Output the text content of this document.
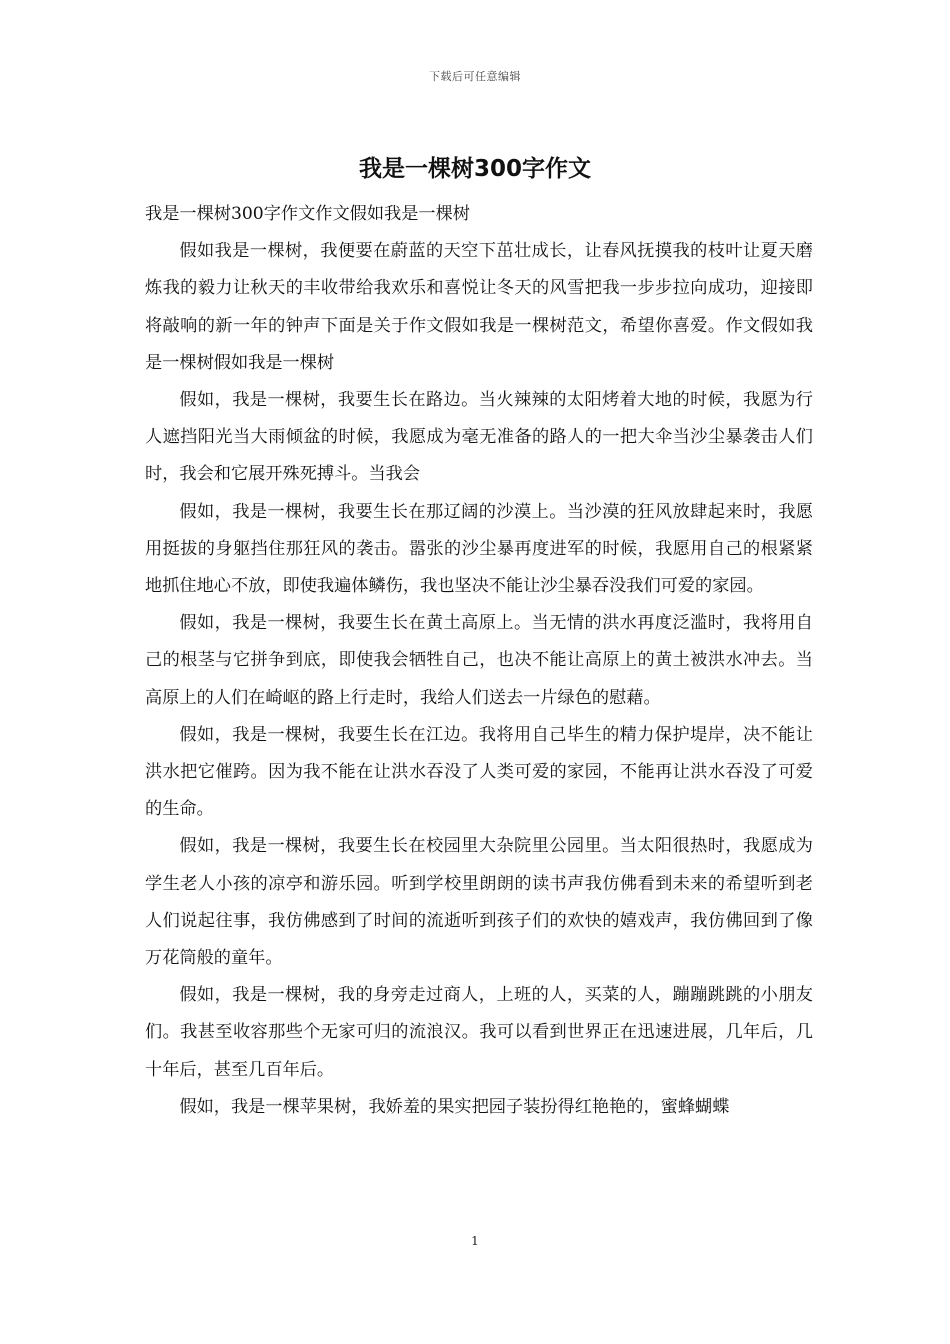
下载后可任意编辑
我是一棵树300字作文

我是一棵树300字作文作文假如我是一棵树

假如我是一棵树，我便要在蔚蓝的天空下茁壮成长，让春风抚摸我的枝叶让夏天磨炼我的毅力让秋天的丰收带给我欢乐和喜悦让冬天的风雪把我一步步拉向成功，迎接即将敲响的新一年的钟声下面是关于作文假如我是一棵树范文，希望你喜爱。作文假如我是一棵树假如我是一棵树

假如，我是一棵树，我要生长在路边。当火辣辣的太阳烤着大地的时候，我愿为行人遮挡阳光当大雨倾盆的时候，我愿成为毫无准备的路人的一把大伞当沙尘暴袭击人们时，我会和它展开殊死搏斗。当我会

假如，我是一棵树，我要生长在那辽阔的沙漠上。当沙漠的狂风放肆起来时，我愿用挺拔的身躯挡住那狂风的袭击。嚣张的沙尘暴再度进军的时候，我愿用自己的根紧紧地抓住地心不放，即使我遍体鳞伤，我也坚决不能让沙尘暴吞没我们可爱的家园。

假如，我是一棵树，我要生长在黄土高原上。当无情的洪水再度泛滥时，我将用自己的根茎与它拼争到底，即使我会牺牲自己，也决不能让高原上的黄土被洪水冲去。当高原上的人们在崎岖的路上行走时，我给人们送去一片绿色的慰藉。

假如，我是一棵树，我要生长在江边。我将用自己毕生的精力保护堤岸，决不能让洪水把它催跨。因为我不能在让洪水吞没了人类可爱的家园，不能再让洪水吞没了可爱的生命。

假如，我是一棵树，我要生长在校园里大杂院里公园里。当太阳很热时，我愿成为学生老人小孩的凉亭和游乐园。听到学校里朗朗的读书声我仿佛看到未来的希望听到老人们说起往事，我仿佛感到了时间的流逝听到孩子们的欢快的嬉戏声，我仿佛回到了像万花筒般的童年。

假如，我是一棵树，我的身旁走过商人，上班的人，买菜的人，蹦蹦跳跳的小朋友们。我甚至收容那些个无家可归的流浪汉。我可以看到世界正在迅速进展，几年后，几十年后，甚至几百年后。

假如，我是一棵苹果树，我娇羞的果实把园子装扮得红艳艳的，蜜蜂蝴蝶

1
